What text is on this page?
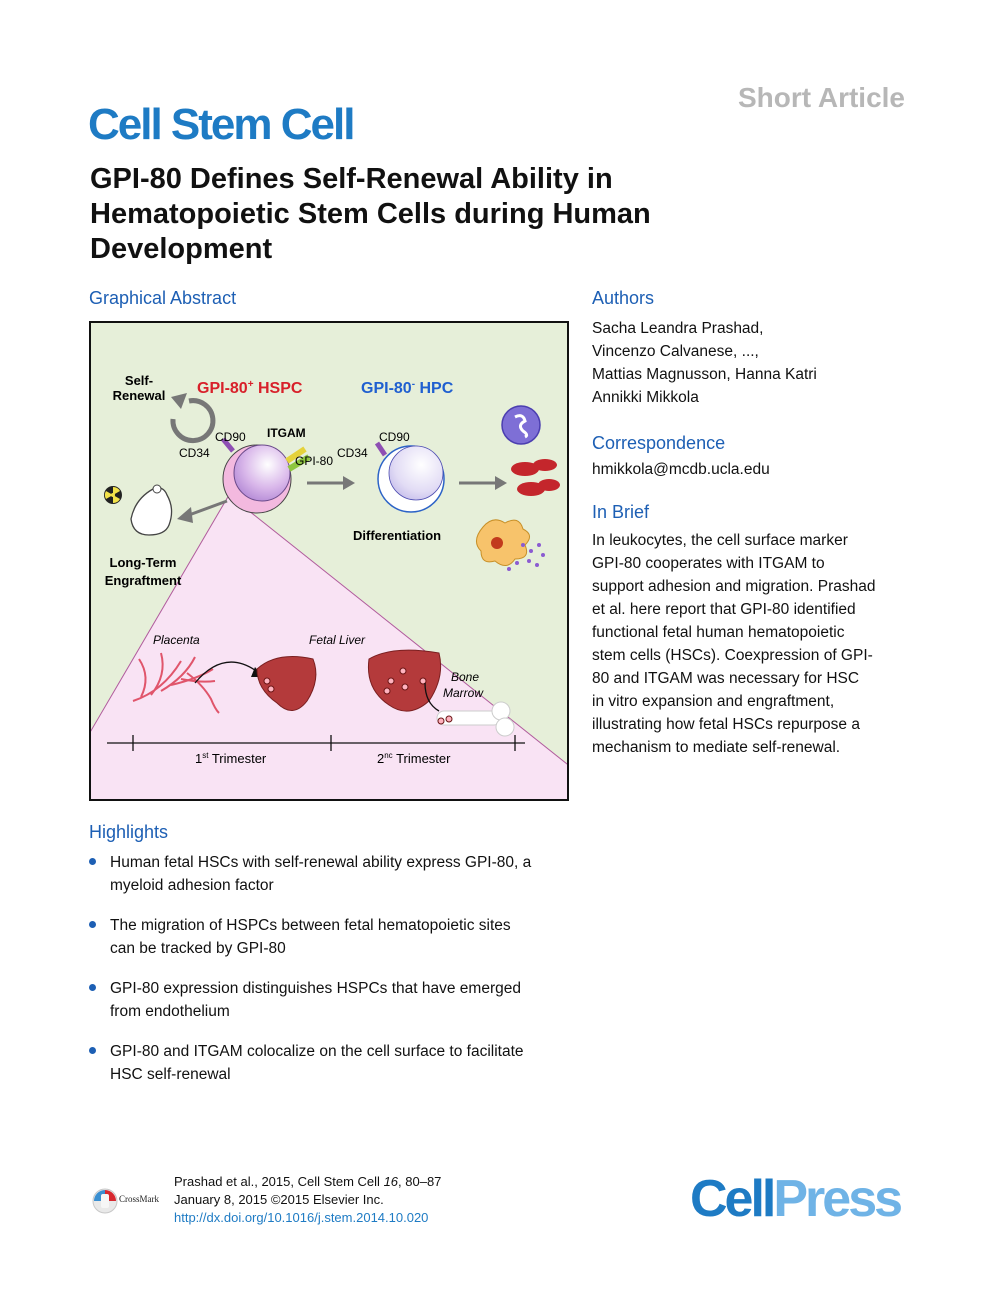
Short Article
Cell Stem Cell
GPI-80 Defines Self-Renewal Ability in Hematopoietic Stem Cells during Human Development
Graphical Abstract
Self-
Renewal GPI-80+ HSPC	GPI-80- HPC
CD90
CD34
ITGAM
GPI-80
CD90
CD34
Differentiation
Long-Term
Engraftment
Placenta	Fetal Liver
Bone
Marrow
1st Trimester	$2^{nc}$ Trimester
Authors
Sacha Leandra Prashad,
Vincenzo Calvanese, ...,
Mattias Magnusson, Hanna Katri
Annikki Mikkola
Correspondence
hmikkola@mcdb.ucla.edu
In Brief
In leukocytes, the cell surface marker
GPI-80 cooperates with ITGAM to
support adhesion and migration. Prashad
et al. here report that GPI-80 identified
functional fetal human hematopoietic
stem cells (HSCs). Coexpression of GPI-
80 and ITGAM was necessary for HSC
in vitro expansion and engraftment,
illustrating how fetal HSCs repurpose a
mechanism to mediate self-renewal.
Highlights
Human fetal HSCs with self-renewal ability express GPI-80, a
myeloid adhesion factor
The migration of HSPCs between fetal hematopoietic sites
can be tracked by GPI-80
GPI-80 expression distinguishes HSPCs that have emerged
from endothelium
GPI-80 and ITGAM colocalize on the cell surface to facilitate
HSC self-renewal
CrossMark
Prashad et al., 2015, Cell Stem Cell 16, 80–87
January 8, 2015 ©2015 Elsevier Inc.
http://dx.doi.org/10.1016/j.stem.2014.10.020	CellPress
